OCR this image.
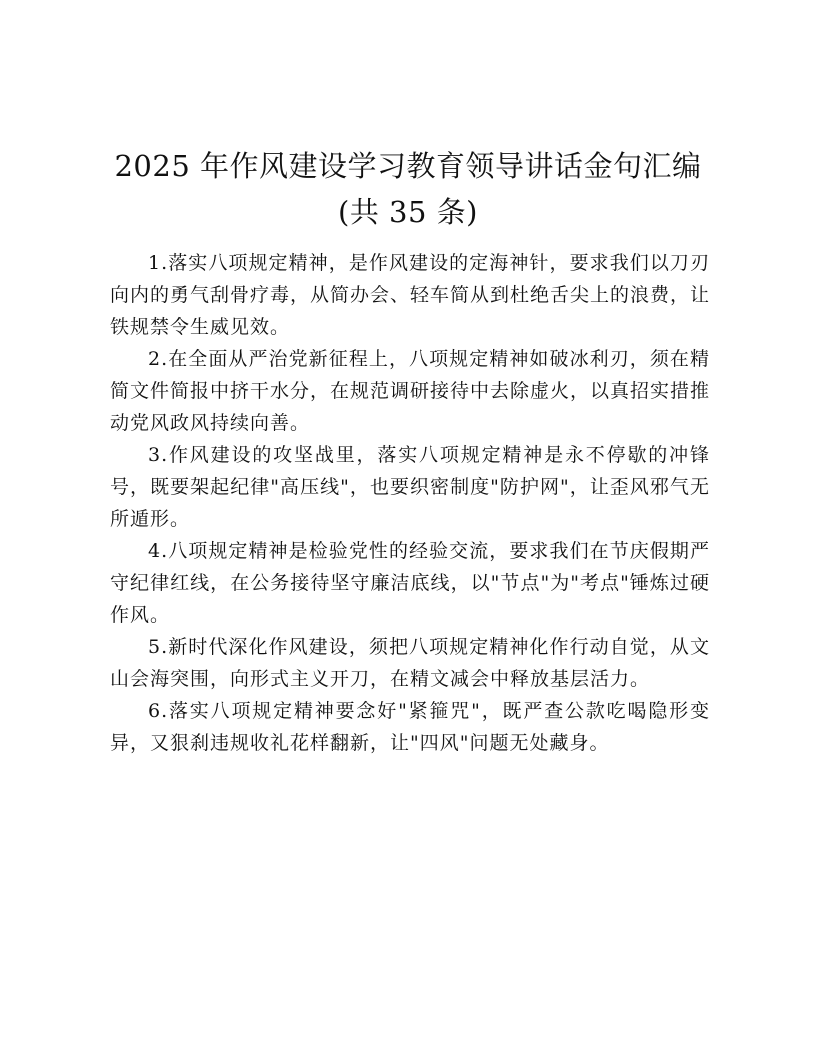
2025 年作风建设学习教育领导讲话金句汇编
(共 35 条)

1.落实八项规定精神，是作风建设的定海神针，要求我们以刀刃向内的勇气刮骨疗毒，从简办会、轻车简从到杜绝舌尖上的浪费，让铁规禁令生威见效。

2.在全面从严治党新征程上，八项规定精神如破冰利刃，须在精简文件简报中挤干水分，在规范调研接待中去除虚火，以真招实措推动党风政风持续向善。

3.作风建设的攻坚战里，落实八项规定精神是永不停歇的冲锋号，既要架起纪律"高压线"，也要织密制度"防护网"，让歪风邪气无所遁形。

4.八项规定精神是检验党性的经验交流，要求我们在节庆假期严守纪律红线，在公务接待坚守廉洁底线，以"节点"为"考点"锤炼过硬作风。

5.新时代深化作风建设，须把八项规定精神化作行动自觉，从文山会海突围，向形式主义开刀，在精文减会中释放基层活力。

6.落实八项规定精神要念好"紧箍咒"，既严查公款吃喝隐形变异，又狠刹违规收礼花样翻新，让"四风"问题无处藏身。
